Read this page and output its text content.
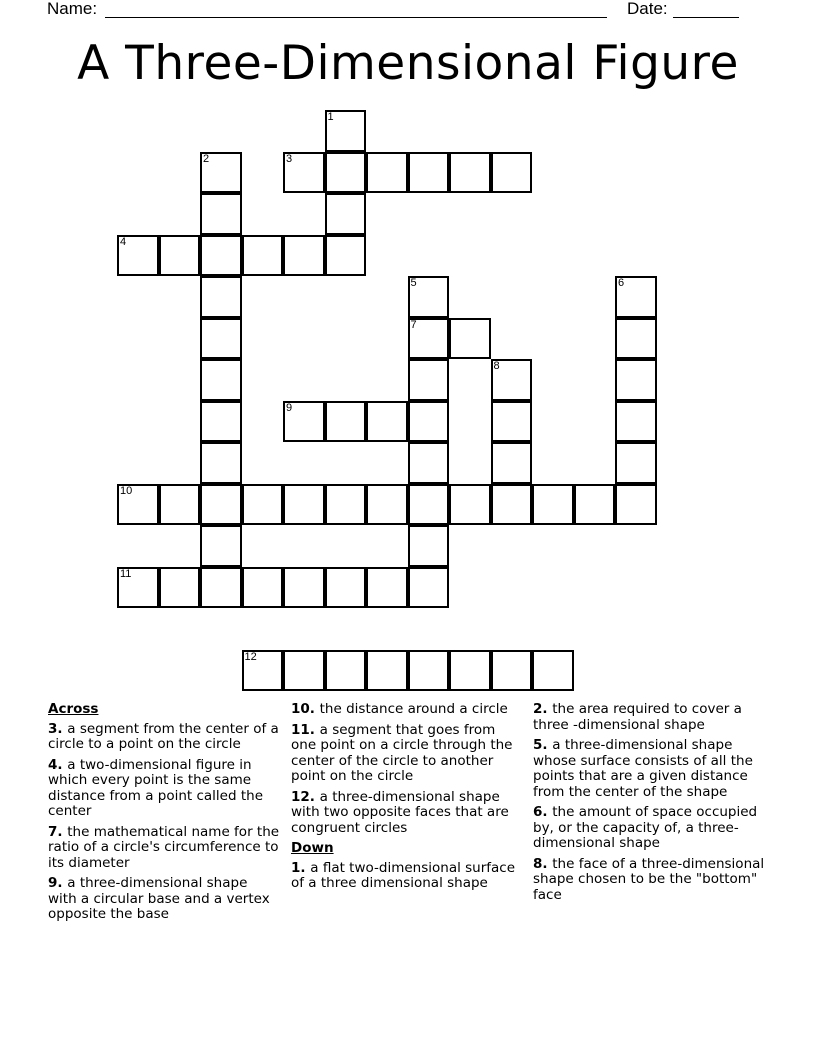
Name:	Date:
A Three-Dimensional Figure
1
2	3
4
5
7
6
8
9
10
11
12
Across
3. a segment from the center of a circle to a point on the circle
4. a two-dimensional figure in which every point is the same distance from a point called the center
7. the mathematical name for the ratio of a circle's circumference to its diameter
9. a three-dimensional shape with a circular base and a vertex opposite the base
10. the distance around a circle
11. a segment that goes from one point on a circle through the center of the circle to another point on the circle
12. a three-dimensional shape with two opposite faces that are congruent circles
Down
1. a flat two-dimensional surface of a three dimensional shape
2. the area required to cover a three -dimensional shape
5. a three-dimensional shape whose surface consists of all the points that are a given distance from the center of the shape
6. the amount of space occupied by, or the capacity of, a three-dimensional shape
8. the face of a three-dimensional shape chosen to be the "bottom" face
